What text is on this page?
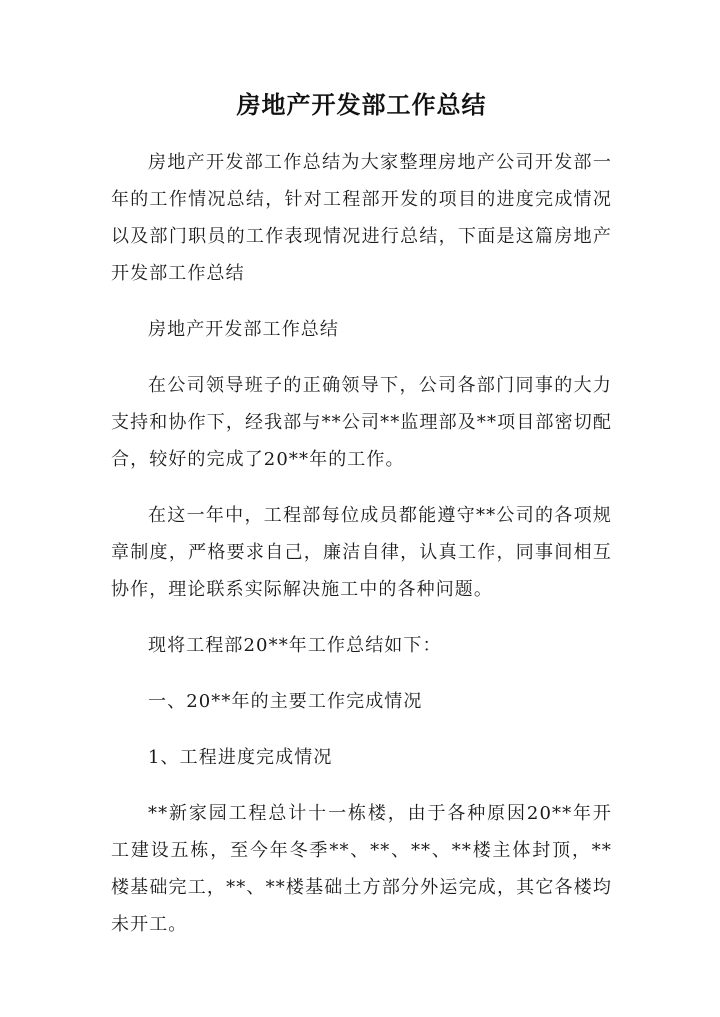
房地产开发部工作总结

房地产开发部工作总结为大家整理房地产公司开发部一年的工作情况总结，针对工程部开发的项目的进度完成情况以及部门职员的工作表现情况进行总结，下面是这篇房地产开发部工作总结

房地产开发部工作总结

在公司领导班子的正确领导下，公司各部门同事的大力支持和协作下，经我部与**公司**监理部及**项目部密切配合，较好的完成了20**年的工作。

在这一年中，工程部每位成员都能遵守**公司的各项规章制度，严格要求自己，廉洁自律，认真工作，同事间相互协作，理论联系实际解决施工中的各种问题。

现将工程部20**年工作总结如下：

一、20**年的主要工作完成情况

1、工程进度完成情况

**新家园工程总计十一栋楼，由于各种原因20**年开工建设五栋，至今年冬季**、**、**、**楼主体封顶，**楼基础完工，**、**楼基础土方部分外运完成，其它各楼均未开工。
